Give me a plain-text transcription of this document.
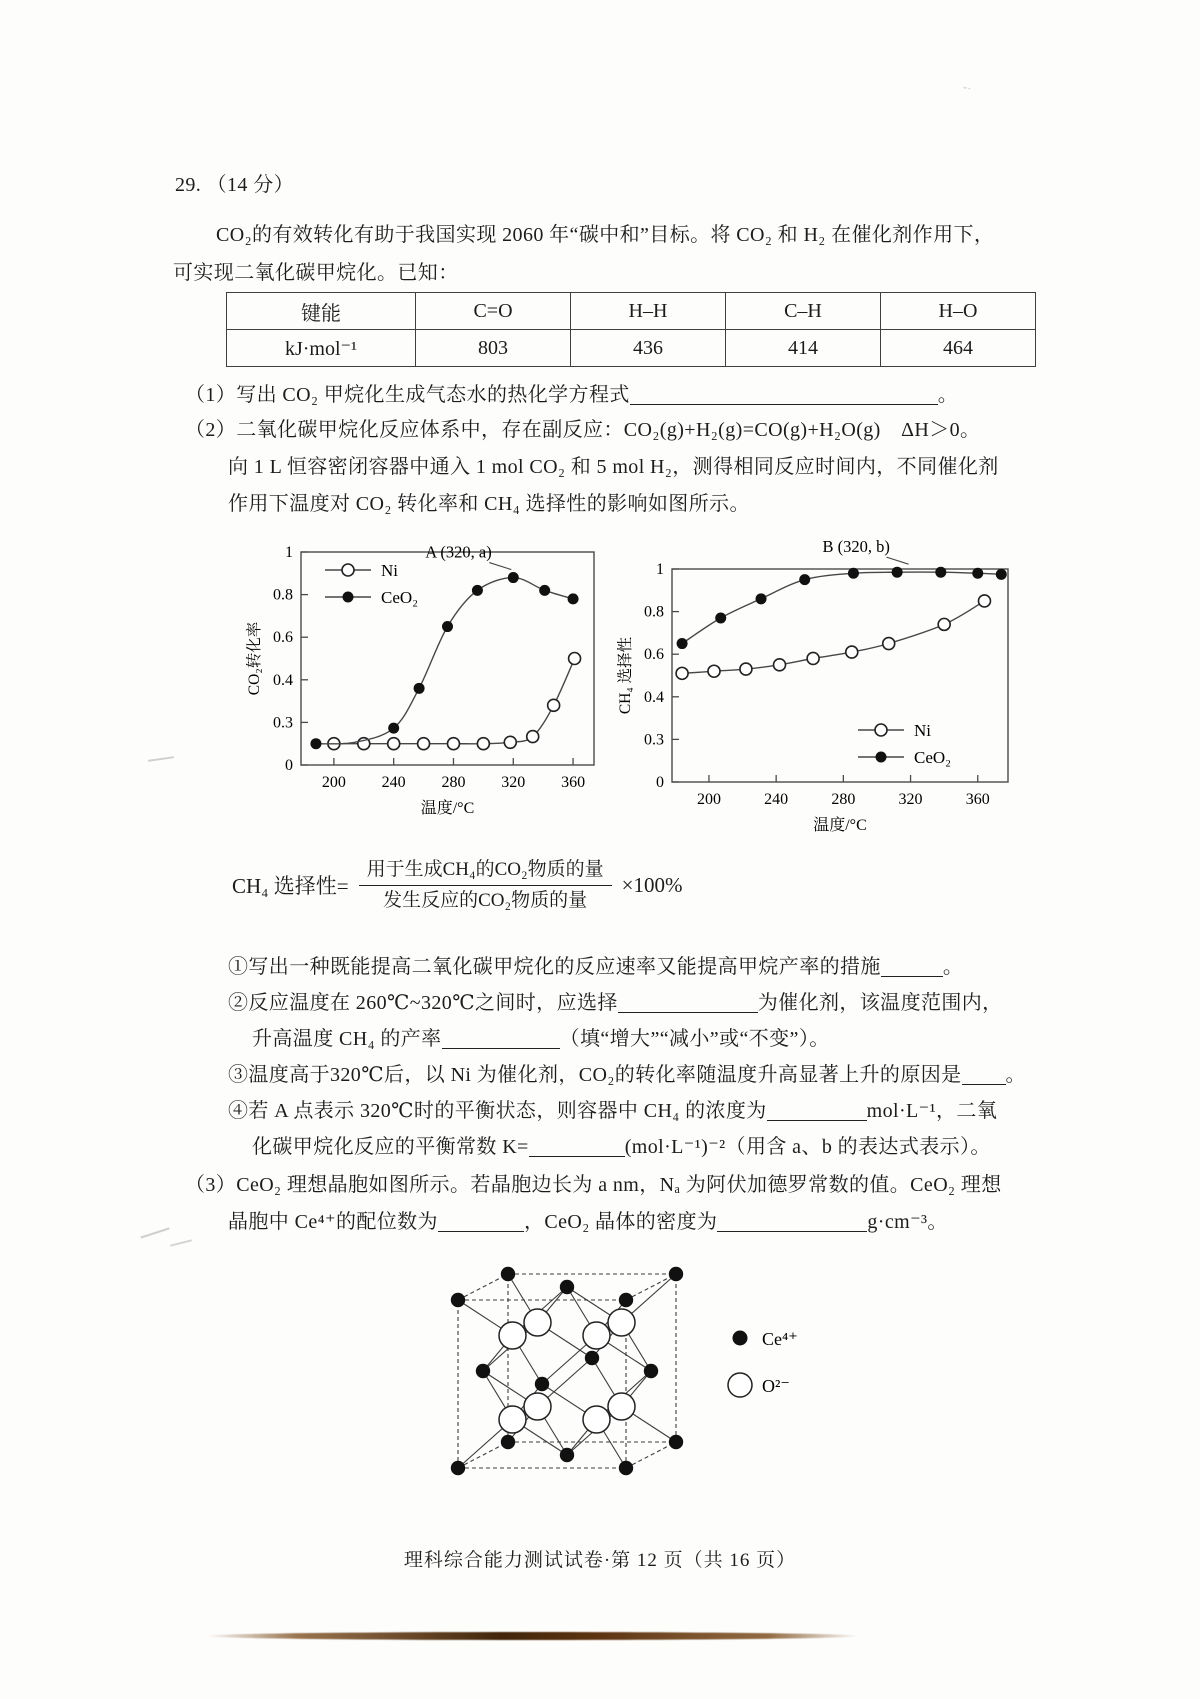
29. （14 分）
CO₂的有效转化有助于我国实现 2060 年“碳中和”目标。将 CO₂ 和 H₂ 在催化剂作用下，
可实现二氧化碳甲烷化。已知：
键能	C=O	H–H	C–H	H–O
kJ·mol⁻¹	803	436	414	464
（1）写出 CO₂ 甲烷化生成气态水的热化学方程式	。
（2）二氧化碳甲烷化反应体系中，存在副反应：CO₂(g)+H₂(g)=CO(g)+H₂O(g)　ΔH＞0。
向 1 L 恒容密闭容器中通入 1 mol CO₂ 和 5 mol H₂，测得相同反应时间内，不同催化剂
作用下温度对 CO₂ 转化率和 CH₄ 选择性的影响如图所示。
0
0.3
0.4
0.6
0.8
1
200 240 280 320 360
CO₂转化率
温度/°C
Ni
CeO₂
A (320, a)
0
0.3
0.4
0.6
0.8
1
200	240	280	320	360
CH₄ 选择性
温度/°C
Ni
CeO₂
B (320, b)
CH₄ 选择性= $\frac{\text{用于生成CH₄的CO₂物质的量}}{\text{发生反应的CO₂物质的量}} \times 100\%$
①写出一种既能提高二氧化碳甲烷化的反应速率又能提高甲烷产率的措施	。
②反应温度在 260℃~320℃之间时，应选择	为催化剂，该温度范围内，
升高温度 CH₄ 的产率	（填“增大”“减小”或“不变”）。
③温度高于320℃后，以 Ni 为催化剂，CO₂的转化率随温度升高显著上升的原因是 。
④若 A 点表示 320℃时的平衡状态，则容器中 CH₄ 的浓度为	mol·L⁻¹，二氧
化碳甲烷化反应的平衡常数 K=	(mol·L⁻¹)⁻²（用含 a、b 的表达式表示）。
（3）CeO₂ 理想晶胞如图所示。若晶胞边长为 a nm，Nₐ 为阿伏加德罗常数的值。CeO₂ 理想
晶胞中 Ce⁴⁺的配位数为	，CeO₂ 晶体的密度为	g·cm⁻³。
Ce⁴⁺
O²⁻
理科综合能力测试试卷·第 12 页（共 16 页）
˘˙
